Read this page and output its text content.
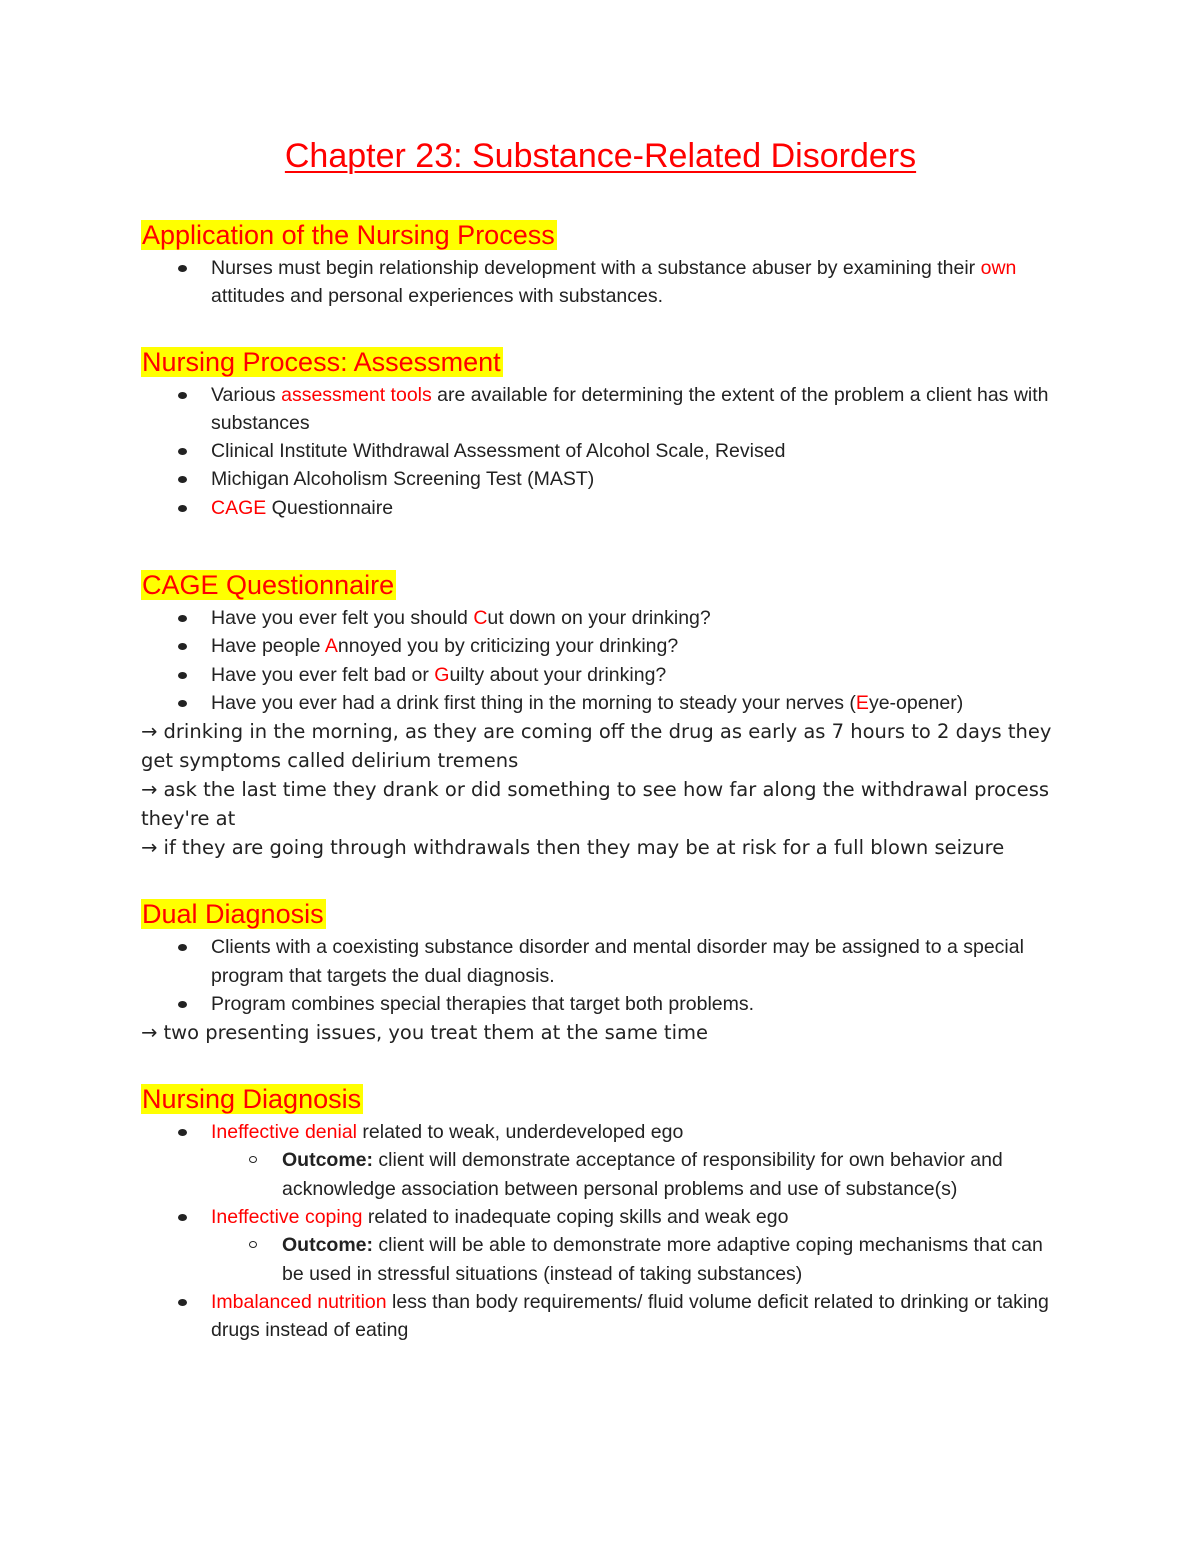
Chapter 23: Substance-Related Disorders
Application of the Nursing Process
Nurses must begin relationship development with a substance abuser by examining their own attitudes and personal experiences with substances.
Nursing Process: Assessment
Various assessment tools are available for determining the extent of the problem a client has with substances
Clinical Institute Withdrawal Assessment of Alcohol Scale, Revised
Michigan Alcoholism Screening Test (MAST)
CAGE Questionnaire
CAGE Questionnaire
Have you ever felt you should Cut down on your drinking?
Have people Annoyed you by criticizing your drinking?
Have you ever felt bad or Guilty about your drinking?
Have you ever had a drink first thing in the morning to steady your nerves (Eye-opener)

→ drinking in the morning, as they are coming off the drug as early as 7 hours to 2 days they get symptoms called delirium tremens

→ ask the last time they drank or did something to see how far along the withdrawal process they're at

→ if they are going through withdrawals then they may be at risk for a full blown seizure

Dual Diagnosis
Clients with a coexisting substance disorder and mental disorder may be assigned to a special program that targets the dual diagnosis.
Program combines special therapies that target both problems.

→ two presenting issues, you treat them at the same time

Nursing Diagnosis
Ineffective denial related to weak, underdeveloped ego
Outcome: client will demonstrate acceptance of responsibility for own behavior and acknowledge association between personal problems and use of substance(s)
Ineffective coping related to inadequate coping skills and weak ego
Outcome: client will be able to demonstrate more adaptive coping mechanisms that can be used in stressful situations (instead of taking substances)
Imbalanced nutrition less than body requirements/ fluid volume deficit related to drinking or taking drugs instead of eating
